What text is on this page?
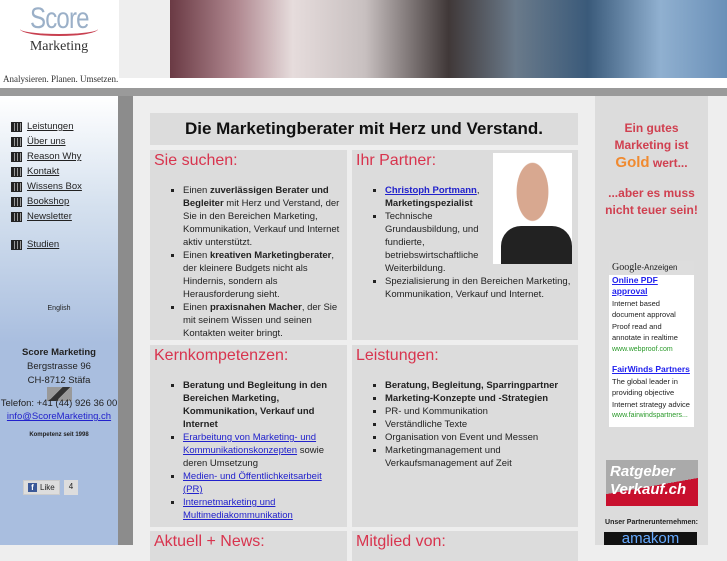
Score
Marketing
Analysieren. Planen. Umsetzen.
Leistungen
Über uns
Reason Why
Kontakt
Wissens Box
Bookshop
Newsletter
Studien
English
Score Marketing
Bergstrasse 96
CH-8712 Stäfa
Telefon: +41 (44) 926 36 00
info@ScoreMarketing.ch
Kompetenz seit 1998
f Like	4
Die Marketingberater mit Herz und Verstand.
Sie suchen:
▪ Einen zuverlässigen Berater und Begleiter mit Herz und Verstand, der Sie in den Bereichen Marketing, Kommunikation, Verkauf und Internet aktiv unterstützt.
▪ Einen kreativen Marketingberater, der kleinere Budgets nicht als Hindernis, sondern als Herausforderung sieht.
▪ Einen praxisnahen Macher, der Sie mit seinem Wissen und seinen Kontakten weiter bringt.
Ihr Partner:
▪ Christoph Portmann,
Marketingspezialist
▪ Technische Grundausbildung, und fundierte, betriebswirtschaftliche Weiterbildung.
▪ Spezialisierung in den Bereichen Marketing, Kommunikation, Verkauf und Internet.
Kernkompetenzen:
▪ Beratung und Begleitung in den Bereichen Marketing, Kommunikation, Verkauf und Internet
▪ Erarbeitung von Marketing- und Kommunikationskonzepten sowie deren Umsetzung
▪ Medien- und Öffentlichkeitsarbeit (PR)
▪ Internetmarketing und Multimediakommunikation
Leistungen:
▪ Beratung, Begleitung, Sparringpartner
▪ Marketing-Konzepte und -Strategien
▪ PR- und Kommunikation
▪ Verständliche Texte
▪ Organisation von Event und Messen
▪ Marketingmanagement und Verkaufsmanagement auf Zeit
Aktuell + News:	Mitglied von:
Ein gutes
Marketing ist
Gold wert...
...aber es muss nicht teuer sein!
Google-Anzeigen
Online PDF approval
Internet based document approval Proof read and annotate in realtime
www.webproof.com
FairWinds Partners
The global leader in providing objective Internet strategy advice
www.fairwindspartners...
Ratgeber
Verkauf.ch
Unser Partnerunternehmen:
amakom
